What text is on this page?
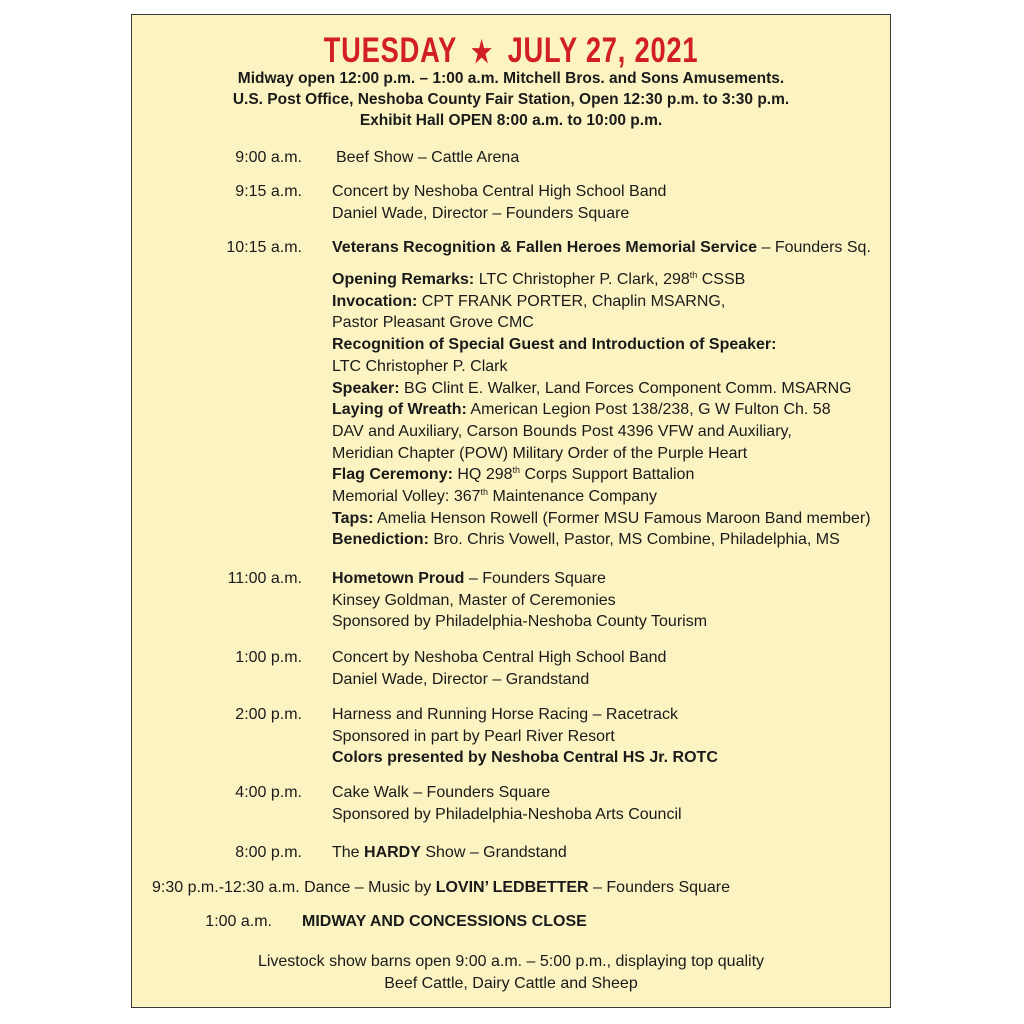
TUESDAY ★ JULY 27, 2021
Midway open 12:00 p.m. – 1:00 a.m. Mitchell Bros. and Sons Amusements.
U.S. Post Office, Neshoba County Fair Station, Open 12:30 p.m. to 3:30 p.m.
Exhibit Hall OPEN 8:00 a.m. to 10:00 p.m.
9:00 a.m. Beef Show – Cattle Arena
9:15 a.m. Concert by Neshoba Central High School Band
Daniel Wade, Director – Founders Square
10:15 a.m. Veterans Recognition & Fallen Heroes Memorial Service – Founders Sq.
Opening Remarks: LTC Christopher P. Clark, 298th CSSB
Invocation: CPT FRANK PORTER, Chaplin MSARNG,
Pastor Pleasant Grove CMC
Recognition of Special Guest and Introduction of Speaker:
LTC Christopher P. Clark
Speaker: BG Clint E. Walker, Land Forces Component Comm. MSARNG
Laying of Wreath: American Legion Post 138/238, G W Fulton Ch. 58
DAV and Auxiliary, Carson Bounds Post 4396 VFW and Auxiliary,
Meridian Chapter (POW) Military Order of the Purple Heart
Flag Ceremony: HQ 298th Corps Support Battalion
Memorial Volley: 367th Maintenance Company
Taps: Amelia Henson Rowell (Former MSU Famous Maroon Band member)
Benediction: Bro. Chris Vowell, Pastor, MS Combine, Philadelphia, MS
11:00 a.m. Hometown Proud – Founders Square
Kinsey Goldman, Master of Ceremonies
Sponsored by Philadelphia-Neshoba County Tourism
1:00 p.m. Concert by Neshoba Central High School Band
Daniel Wade, Director – Grandstand
2:00 p.m. Harness and Running Horse Racing – Racetrack
Sponsored in part by Pearl River Resort
Colors presented by Neshoba Central HS Jr. ROTC
4:00 p.m. Cake Walk – Founders Square
Sponsored by Philadelphia-Neshoba Arts Council
8:00 p.m. The HARDY Show – Grandstand
9:30 p.m.-12:30 a.m. Dance – Music by LOVIN’ LEDBETTER – Founders Square
1:00 a.m. MIDWAY AND CONCESSIONS CLOSE
Livestock show barns open 9:00 a.m. – 5:00 p.m., displaying top quality
Beef Cattle, Dairy Cattle and Sheep
